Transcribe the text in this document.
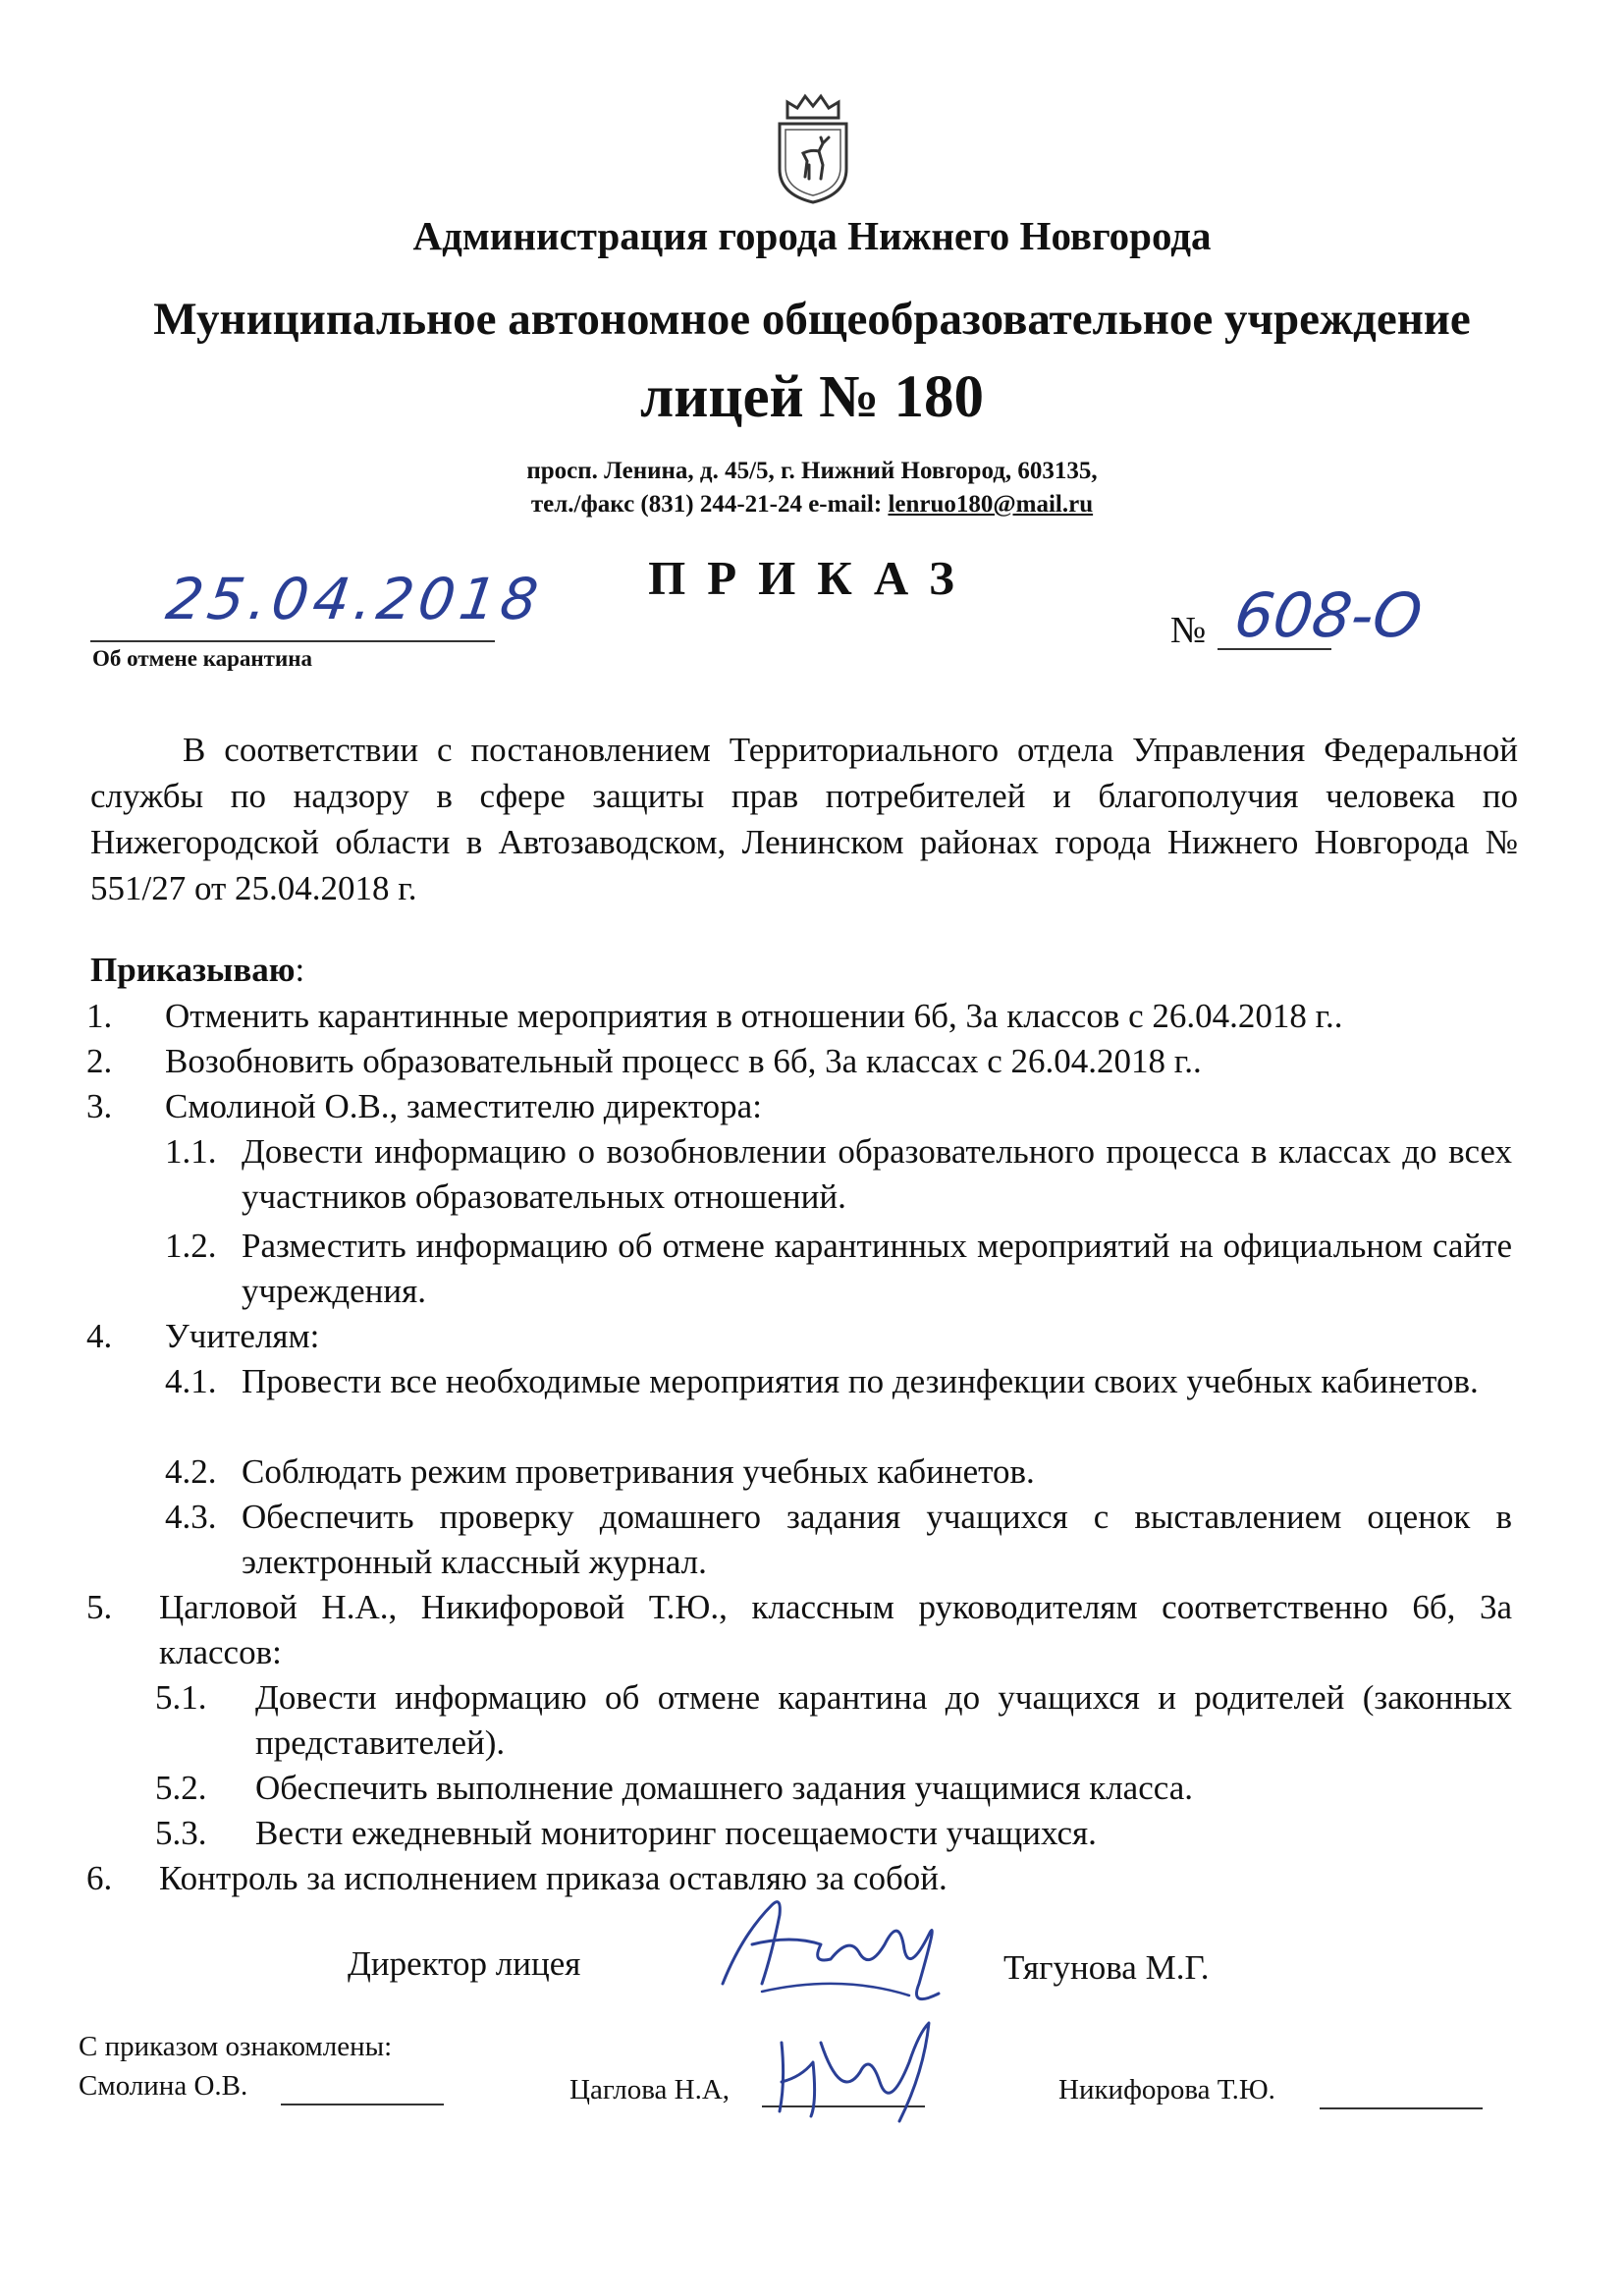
Администрация города Нижнего Новгорода
Муниципальное автономное общеобразовательное учреждение
лицей № 180
просп. Ленина, д. 45/5, г. Нижний Новгород, 603135,
тел./факс (831) 244-21-24 e-mail: lenruo180@mail.ru
ПРИКАЗ
25.04.2018
Об отмене карантина
№ 608-О
В соответствии с постановлением Территориального отдела Управления Федеральной службы по надзору в сфере защиты прав потребителей и благополучия человека по Нижегородской области в Автозаводском, Ленинском районах города Нижнего Новгорода № 551/27 от 25.04.2018 г.
Приказываю:
1. Отменить карантинные мероприятия в отношении 6б, 3а классов с 26.04.2018 г..
2. Возобновить образовательный процесс в 6б, 3а классах с 26.04.2018 г..
3. Смолиной О.В., заместителю директора:
1.1. Довести информацию о возобновлении образовательного процесса в классах до всех участников образовательных отношений.
1.2. Разместить информацию об отмене карантинных мероприятий на официальном сайте учреждения.
4. Учителям:
4.1. Провести все необходимые мероприятия по дезинфекции своих учебных кабинетов.
4.2. Соблюдать режим проветривания учебных кабинетов.
4.3. Обеспечить проверку домашнего задания учащихся с выставлением оценок в электронный классный журнал.
5. Цагловой Н.А., Никифоровой Т.Ю., классным руководителям соответственно 6б, 3а классов:
5.1. Довести информацию об отмене карантина до учащихся и родителей (законных представителей).
5.2. Обеспечить выполнение домашнего задания учащимися класса.
5.3. Вести ежедневный мониторинг посещаемости учащихся.
6. Контроль за исполнением приказа оставляю за собой.
Директор лицея	Тягунова М.Г.
С приказом ознакомлены:
Смолина О.В.	Цаглова Н.А,	Никифорова Т.Ю.
